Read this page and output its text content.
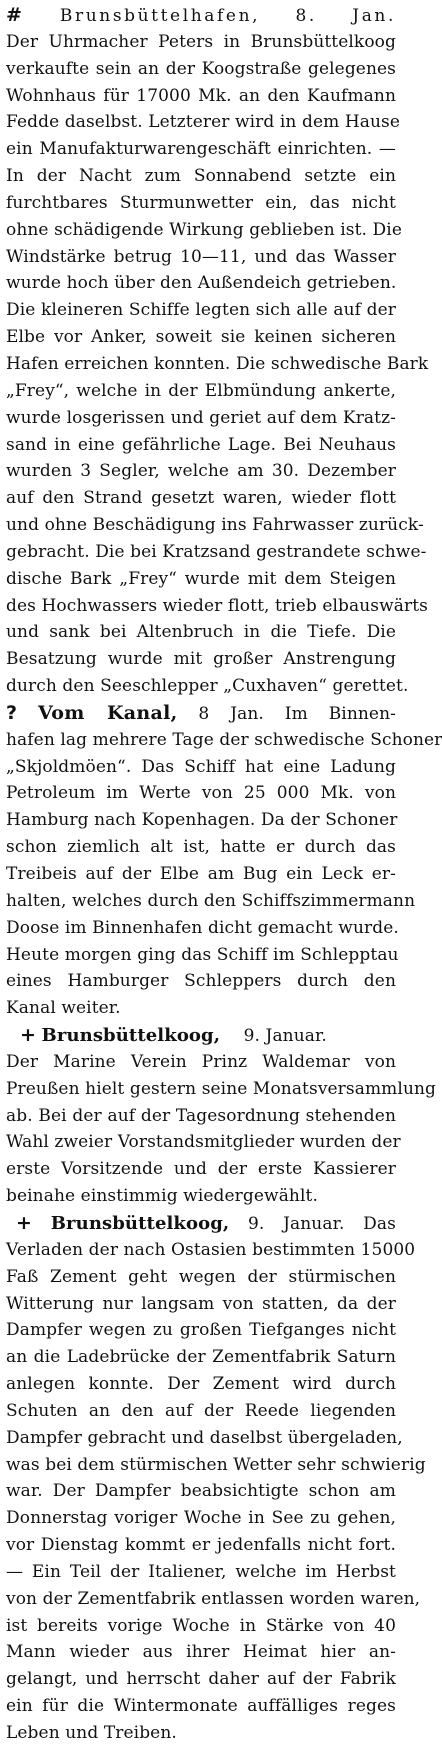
# Brunsbüttelhafen, 8. Jan.
Der Uhrmacher Peters in Brunsbüttelkoog
verkaufte sein an der Koogstraße gelegenes
Wohnhaus für 17000 Mk. an den Kaufmann
Fedde daselbst. Letzterer wird in dem Hause
ein Manufakturwarengeschäft einrichten. —
In der Nacht zum Sonnabend setzte ein
furchtbares Sturmunwetter ein, das nicht
ohne schädigende Wirkung geblieben ist. Die
Windstärke betrug 10—11, und das Wasser
wurde hoch über den Außendeich getrieben.
Die kleineren Schiffe legten sich alle auf der
Elbe vor Anker, soweit sie keinen sicheren
Hafen erreichen konnten. Die schwedische Bark
„Frey“, welche in der Elbmündung ankerte,
wurde losgerissen und geriet auf dem Kratz-
sand in eine gefährliche Lage. Bei Neuhaus
wurden 3 Segler, welche am 30. Dezember
auf den Strand gesetzt waren, wieder flott
und ohne Beschädigung ins Fahrwasser zurück-
gebracht. Die bei Kratzsand gestrandete schwe-
dische Bark „Frey“ wurde mit dem Steigen
des Hochwassers wieder flott, trieb elbauswärts
und sank bei Altenbruch in die Tiefe. Die
Besatzung wurde mit großer Anstrengung
durch den Seeschlepper „Cuxhaven“ gerettet.
? Vom Kanal, 8 Jan. Im Binnen-
hafen lag mehrere Tage der schwedische Schoner
„Skjoldmöen“. Das Schiff hat eine Ladung
Petroleum im Werte von 25 000 Mk. von
Hamburg nach Kopenhagen. Da der Schoner
schon ziemlich alt ist, hatte er durch das
Treibeis auf der Elbe am Bug ein Leck er-
halten, welches durch den Schiffszimmermann
Doose im Binnenhafen dicht gemacht wurde.
Heute morgen ging das Schiff im Schlepptau
eines Hamburger Schleppers durch den
Kanal weiter.
+ Brunsbüttelkoog, 9. Januar.
Der Marine Verein Prinz Waldemar von
Preußen hielt gestern seine Monatsversammlung
ab. Bei der auf der Tagesordnung stehenden
Wahl zweier Vorstandsmitglieder wurden der
erste Vorsitzende und der erste Kassierer
beinahe einstimmig wiedergewählt.
+ Brunsbüttelkoog, 9. Januar. Das
Verladen der nach Ostasien bestimmten 15000
Faß Zement geht wegen der stürmischen
Witterung nur langsam von statten, da der
Dampfer wegen zu großen Tiefganges nicht
an die Ladebrücke der Zementfabrik Saturn
anlegen konnte. Der Zement wird durch
Schuten an den auf der Reede liegenden
Dampfer gebracht und daselbst übergeladen,
was bei dem stürmischen Wetter sehr schwierig
war. Der Dampfer beabsichtigte schon am
Donnerstag voriger Woche in See zu gehen,
vor Dienstag kommt er jedenfalls nicht fort.
— Ein Teil der Italiener, welche im Herbst
von der Zementfabrik entlassen worden waren,
ist bereits vorige Woche in Stärke von 40
Mann wieder aus ihrer Heimat hier an-
gelangt, und herrscht daher auf der Fabrik
ein für die Wintermonate auffälliges reges
Leben und Treiben.
